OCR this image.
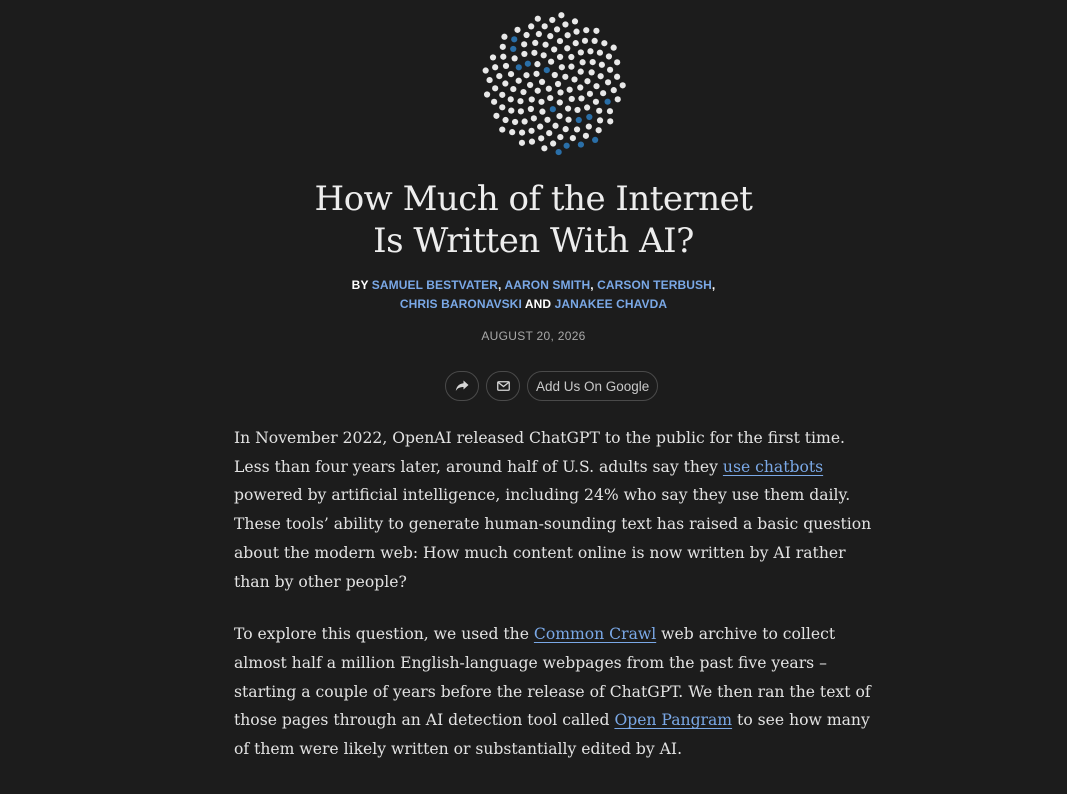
How Much of the Internet
Is Written With AI?
BY SAMUEL BESTVATER, AARON SMITH, CARSON TERBUSH,
CHRIS BARONAVSKI AND JANAKEE CHAVDA
AUGUST 20, 2026
Add Us On Google

In November 2022, OpenAI released ChatGPT to the public for the first time. Less than four years later, around half of U.S. adults say they use chatbots powered by artificial intelligence, including 24% who say they use them daily. These tools’ ability to generate human-sounding text has raised a basic question about the modern web: How much content online is now written by AI rather than by other people?

To explore this question, we used the Common Crawl web archive to collect almost half a million English-language webpages from the past five years – starting a couple of years before the release of ChatGPT. We then ran the text of those pages through an AI detection tool called Open Pangram to see how many of them were likely written or substantially edited by AI.
